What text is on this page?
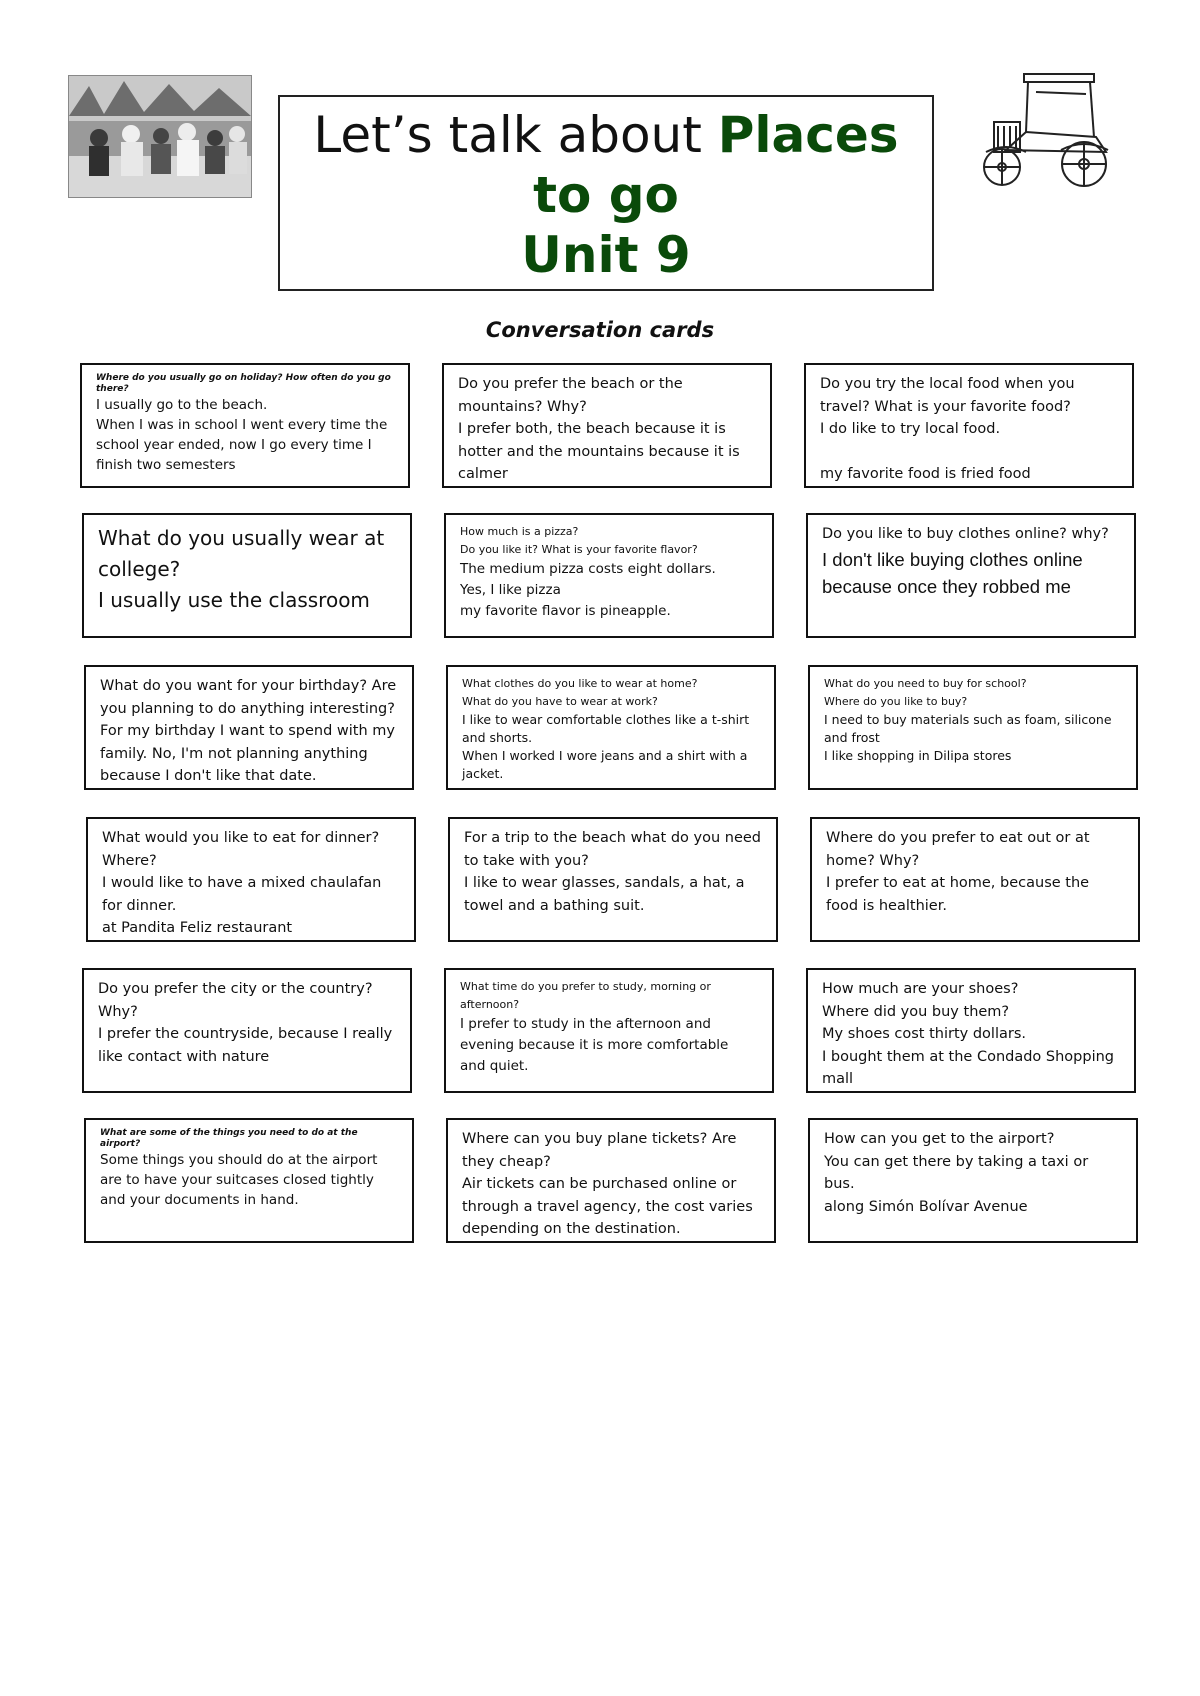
Let’s talk about Places to go
Unit 9
Conversation cards

Where do you usually go on holiday? How often do you go there?

I usually go to the beach.
When I was in school I went every time the school year ended, now I go every time I finish two semesters

Do you prefer the beach or the mountains? Why?

I prefer both, the beach because it is hotter and the mountains because it is calmer

Do you try the local food when you travel? What is your favorite food?

I do like to try local food.

my favorite food is fried food

What do you usually wear at college?

I usually use the classroom

How much is a pizza?
Do you like it? What is your favorite flavor?

The medium pizza costs eight dollars.
Yes, I like pizza
my favorite flavor is pineapple.

Do you like to buy clothes online? why?

I don't like buying clothes online because once they robbed me

What do you want for your birthday? Are you planning to do anything interesting?

For my birthday I want to spend with my family. No, I'm not planning anything because I don't like that date.

What clothes do you like to wear at home?
What do you have to wear at work?

I like to wear comfortable clothes like a t-shirt and shorts.
When I worked I wore jeans and a shirt with a jacket.

What do you need to buy for school?
Where do you like to buy?

I need to buy materials such as foam, silicone and frost
I like shopping in Dilipa stores

What would you like to eat for dinner? Where?

I would like to have a mixed chaulafan for dinner.
at Pandita Feliz restaurant

For a trip to the beach what do you need to take with you?

I like to wear glasses, sandals, a hat, a towel and a bathing suit.

Where do you prefer to eat out or at home? Why?

I prefer to eat at home, because the food is healthier.

Do you prefer the city or the country? Why?

I prefer the countryside, because I really like contact with nature

What time do you prefer to study, morning or afternoon?

I prefer to study in the afternoon and evening because it is more comfortable and quiet.

How much are your shoes?
Where did you buy them?

My shoes cost thirty dollars.
I bought them at the Condado Shopping mall

What are some of the things you need to do at the airport?

Some things you should do at the airport are to have your suitcases closed tightly and your documents in hand.

Where can you buy plane tickets? Are they cheap?

Air tickets can be purchased online or through a travel agency, the cost varies depending on the destination.

How can you get to the airport?

You can get there by taking a taxi or bus.
along Simón Bolívar Avenue
